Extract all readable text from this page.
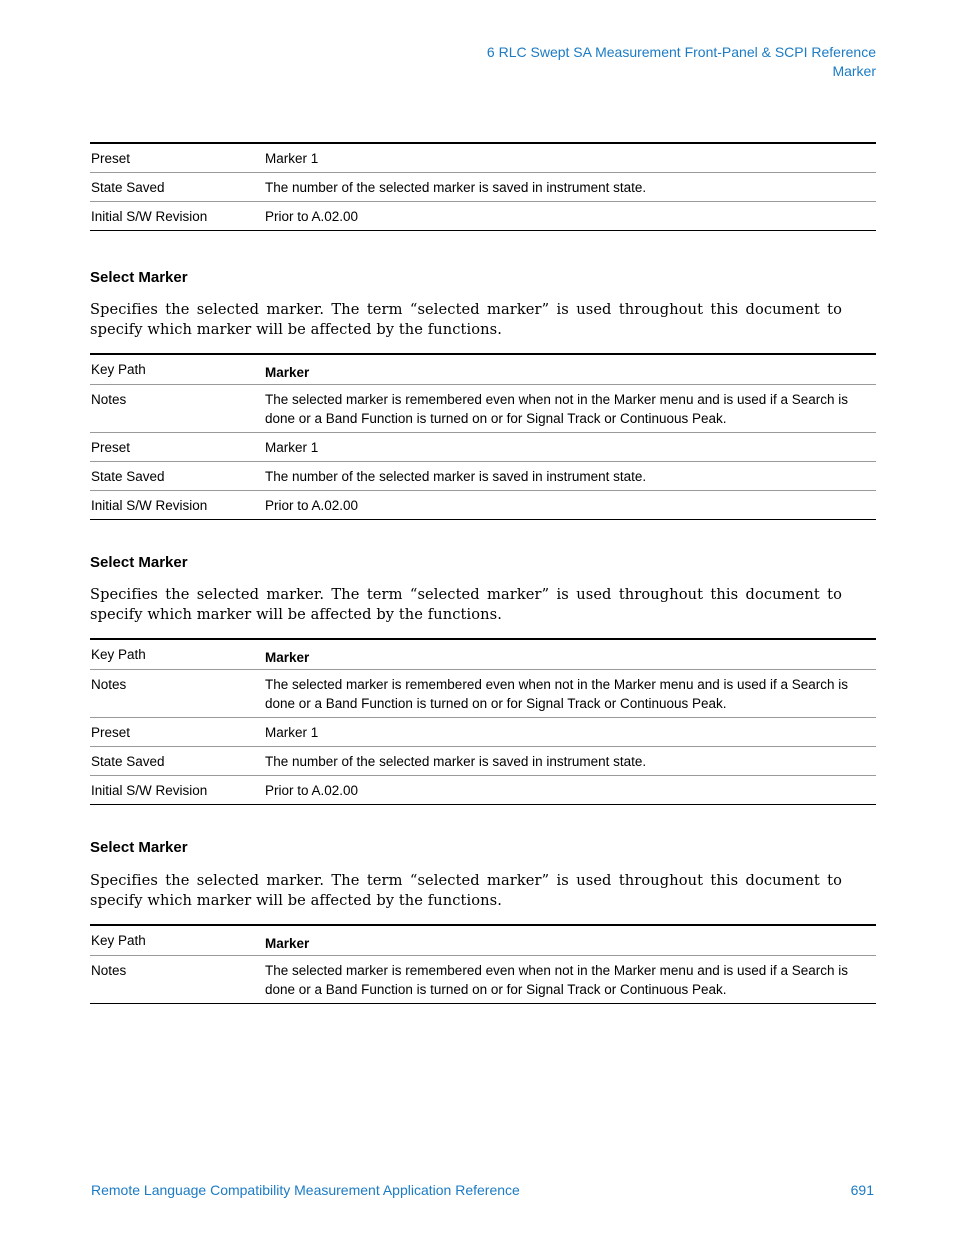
6 RLC Swept SA Measurement Front-Panel & SCPI Reference
Marker
Preset	Marker 1
State Saved	The number of the selected marker is saved in instrument state.
Initial S/W Revision	Prior to A.02.00
Select Marker
Specifies the selected marker. The term “selected marker” is used throughout this document to specify which marker will be affected by the functions.
Key Path	Marker
Notes	The selected marker is remembered even when not in the Marker menu and is used if a Search is done or a Band Function is turned on or for Signal Track or Continuous Peak.
Preset	Marker 1
State Saved	The number of the selected marker is saved in instrument state.
Initial S/W Revision	Prior to A.02.00
Select Marker
Specifies the selected marker. The term “selected marker” is used throughout this document to specify which marker will be affected by the functions.
Key Path	Marker
Notes	The selected marker is remembered even when not in the Marker menu and is used if a Search is done or a Band Function is turned on or for Signal Track or Continuous Peak.
Preset	Marker 1
State Saved	The number of the selected marker is saved in instrument state.
Initial S/W Revision	Prior to A.02.00
Select Marker
Specifies the selected marker. The term “selected marker” is used throughout this document to specify which marker will be affected by the functions.
Key Path	Marker
Notes	The selected marker is remembered even when not in the Marker menu and is used if a Search is done or a Band Function is turned on or for Signal Track or Continuous Peak.
Remote Language Compatibility Measurement Application Reference	691
